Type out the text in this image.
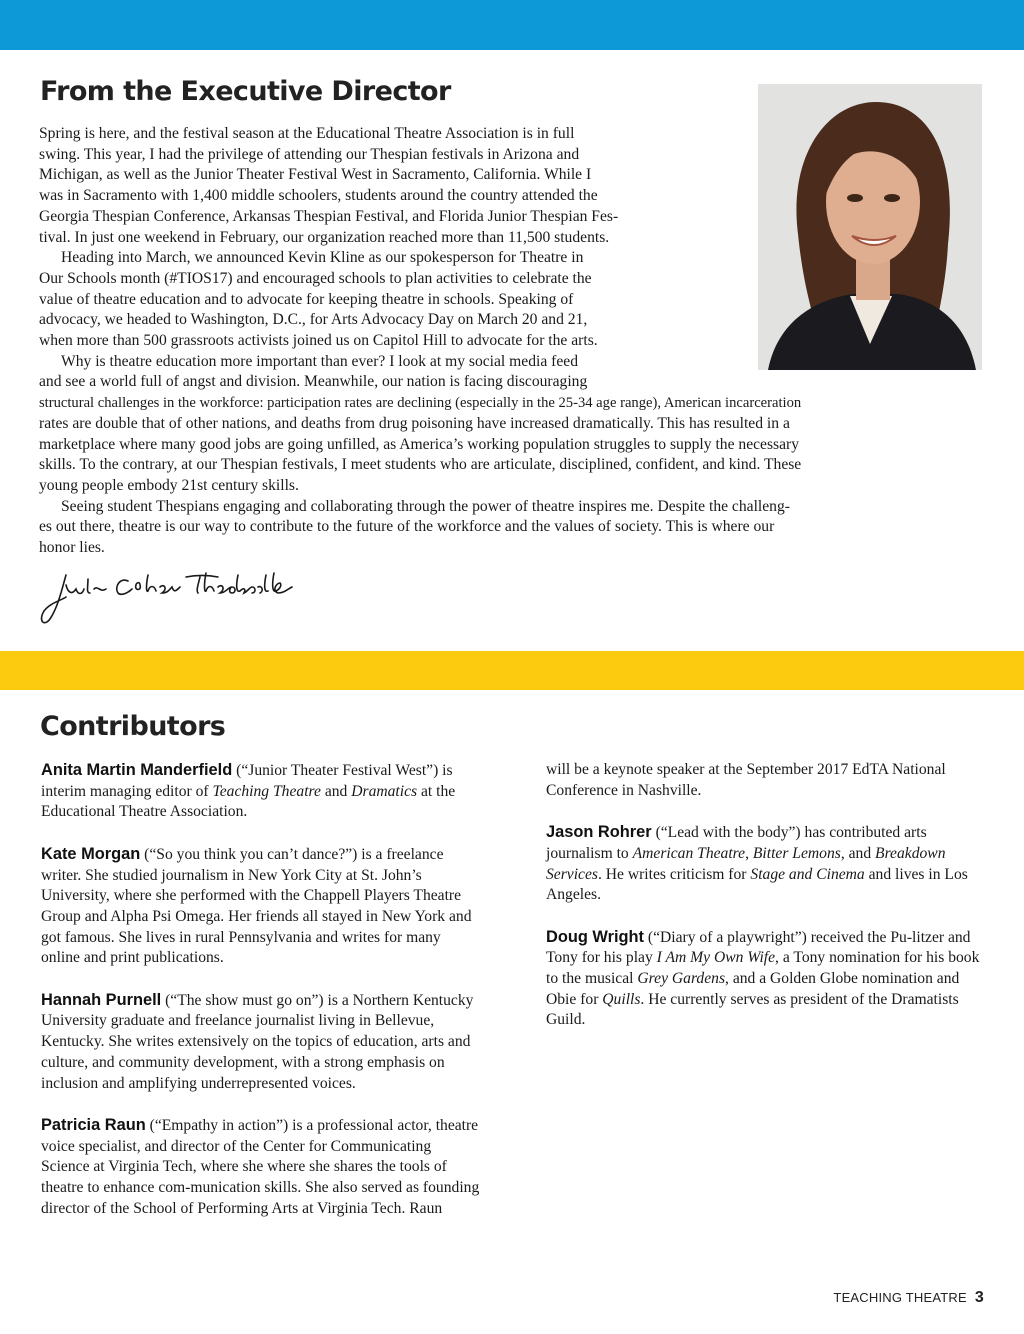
From the Executive Director
Spring is here, and the festival season at the Educational Theatre Association is in full
swing. This year, I had the privilege of attending our Thespian festivals in Arizona and
Michigan, as well as the Junior Theater Festival West in Sacramento, California. While I
was in Sacramento with 1,400 middle schoolers, students around the country attended the
Georgia Thespian Conference, Arkansas Thespian Festival, and Florida Junior Thespian Fes-
tival. In just one weekend in February, our organization reached more than 11,500 students.
Heading into March, we announced Kevin Kline as our spokesperson for Theatre in
Our Schools month (#TIOS17) and encouraged schools to plan activities to celebrate the
value of theatre education and to advocate for keeping theatre in schools. Speaking of
advocacy, we headed to Washington, D.C., for Arts Advocacy Day on March 20 and 21,
when more than 500 grassroots activists joined us on Capitol Hill to advocate for the arts.
Why is theatre education more important than ever? I look at my social media feed
and see a world full of angst and division. Meanwhile, our nation is facing discouraging
structural challenges in the workforce: participation rates are declining (especially in the 25-34 age range), American incarceration
rates are double that of other nations, and deaths from drug poisoning have increased dramatically. This has resulted in a
marketplace where many good jobs are going unfilled, as America’s working population struggles to supply the necessary
skills. To the contrary, at our Thespian festivals, I meet students who are articulate, disciplined, confident, and kind. These
young people embody 21st century skills.
Seeing student Thespians engaging and collaborating through the power of theatre inspires me. Despite the challeng-
es out there, theatre is our way to contribute to the future of the workforce and the values of society. This is where our
honor lies.
Contributors

Anita Martin Manderfield (“Junior Theater Festival West”) is interim managing editor of Teaching Theatre and Dramatics at the Educational Theatre Association.

Kate Morgan (“So you think you can’t dance?”) is a freelance writer. She studied journalism in New York City at St. John’s University, where she performed with the Chappell Players Theatre Group and Alpha Psi Omega. Her friends all stayed in New York and got famous. She lives in rural Pennsylvania and writes for many online and print publications.

Hannah Purnell (“The show must go on”) is a Northern Kentucky University graduate and freelance journalist living in Bellevue, Kentucky. She writes extensively on the topics of education, arts and culture, and community development, with a strong emphasis on inclusion and amplifying underrepresented voices.

Patricia Raun (“Empathy in action”) is a professional actor, theatre voice specialist, and director of the Center for Communicating Science at Virginia Tech, where she where she shares the tools of theatre to enhance com-munication skills. She also served as founding director of the School of Performing Arts at Virginia Tech. Raun

will be a keynote speaker at the September 2017 EdTA National Conference in Nashville.

Jason Rohrer (“Lead with the body”) has contributed arts journalism to American Theatre, Bitter Lemons, and Breakdown Services. He writes criticism for Stage and Cinema and lives in Los Angeles.

Doug Wright (“Diary of a playwright”) received the Pu-litzer and Tony for his play I Am My Own Wife, a Tony nomination for his book to the musical Grey Gardens, and a Golden Globe nomination and Obie for Quills. He currently serves as president of the Dramatists Guild.

TEACHING THEATRE 3
